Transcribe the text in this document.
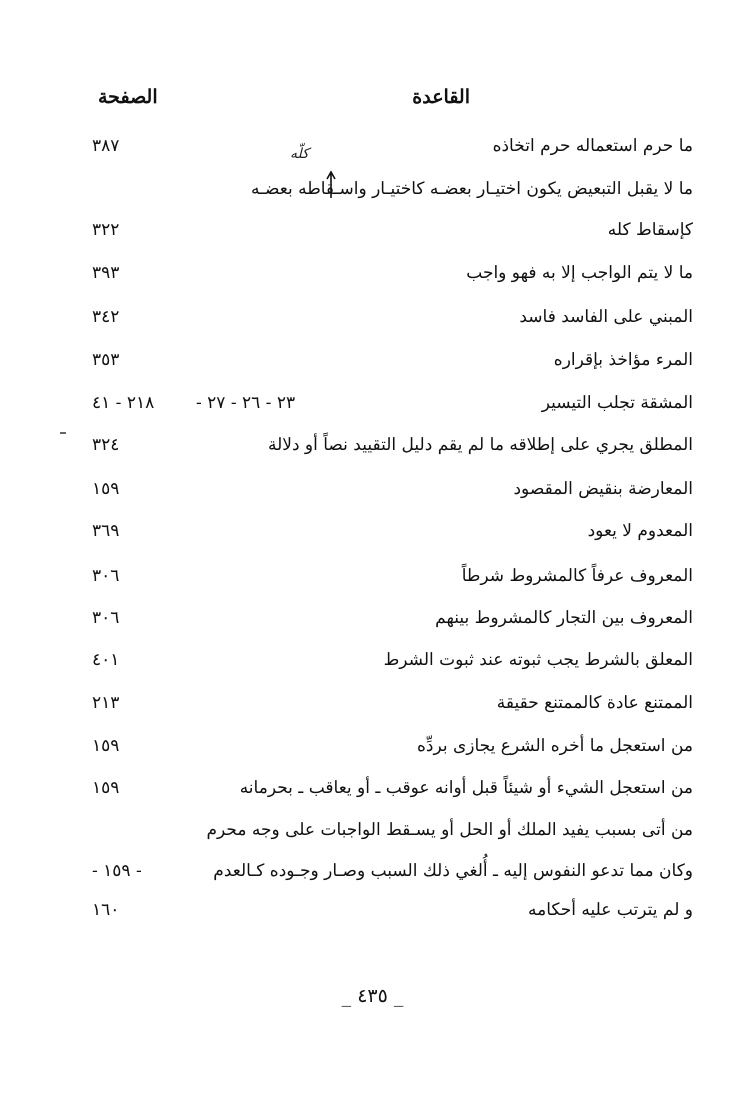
القاعدة
الصفحة
كلّه	ما حرم استعماله حرم اتخاذه
٣٨٧
ما لا يقبل التبعيض يكون اختيـار بعضـه كاختيـار واسـقاطه بعضـه
كإسقاط كله
٣٢٢
ما لا يتم الواجب إلا به فهو واجب
٣٩٣
المبني على الفاسد فاسد
٣٤٢
المرء مؤاخذ بإقراره
٣٥٣
المشقة تجلب التيسير
٢٣ - ٢٦ - ٢٧ -
٢١٨ - ٤١
المطلق يجري على إطلاقه ما لم يقم دليل التقييد نصاً أو دلالة
٣٢٤
المعارضة بنقيض المقصود
١٥٩
المعدوم لا يعود
٣٦٩
المعروف عرفاً كالمشروط شرطاً
٣٠٦
المعروف بين التجار كالمشروط بينهم
٣٠٦
المعلق بالشرط يجب ثبوته عند ثبوت الشرط
٤٠١
الممتنع عادة كالممتنع حقيقة
٢١٣
من استعجل ما أخره الشرع يجازى بردِّه
١٥٩
من استعجل الشيء أو شيئاً قبل أوانه عوقب ـ أو يعاقب ـ بحرمانه
١٥٩
من أتى بسبب يفيد الملك أو الحل أو يسـقط الواجبات على وجه محرم
وكان مما تدعو النفوس إليه ـ أُلغي ذلك السبب وصـار وجـوده كـالعدم
- ١٥٩ -
و لم يترتب عليه أحكامه
١٦٠
_ ٤٣٥ _
